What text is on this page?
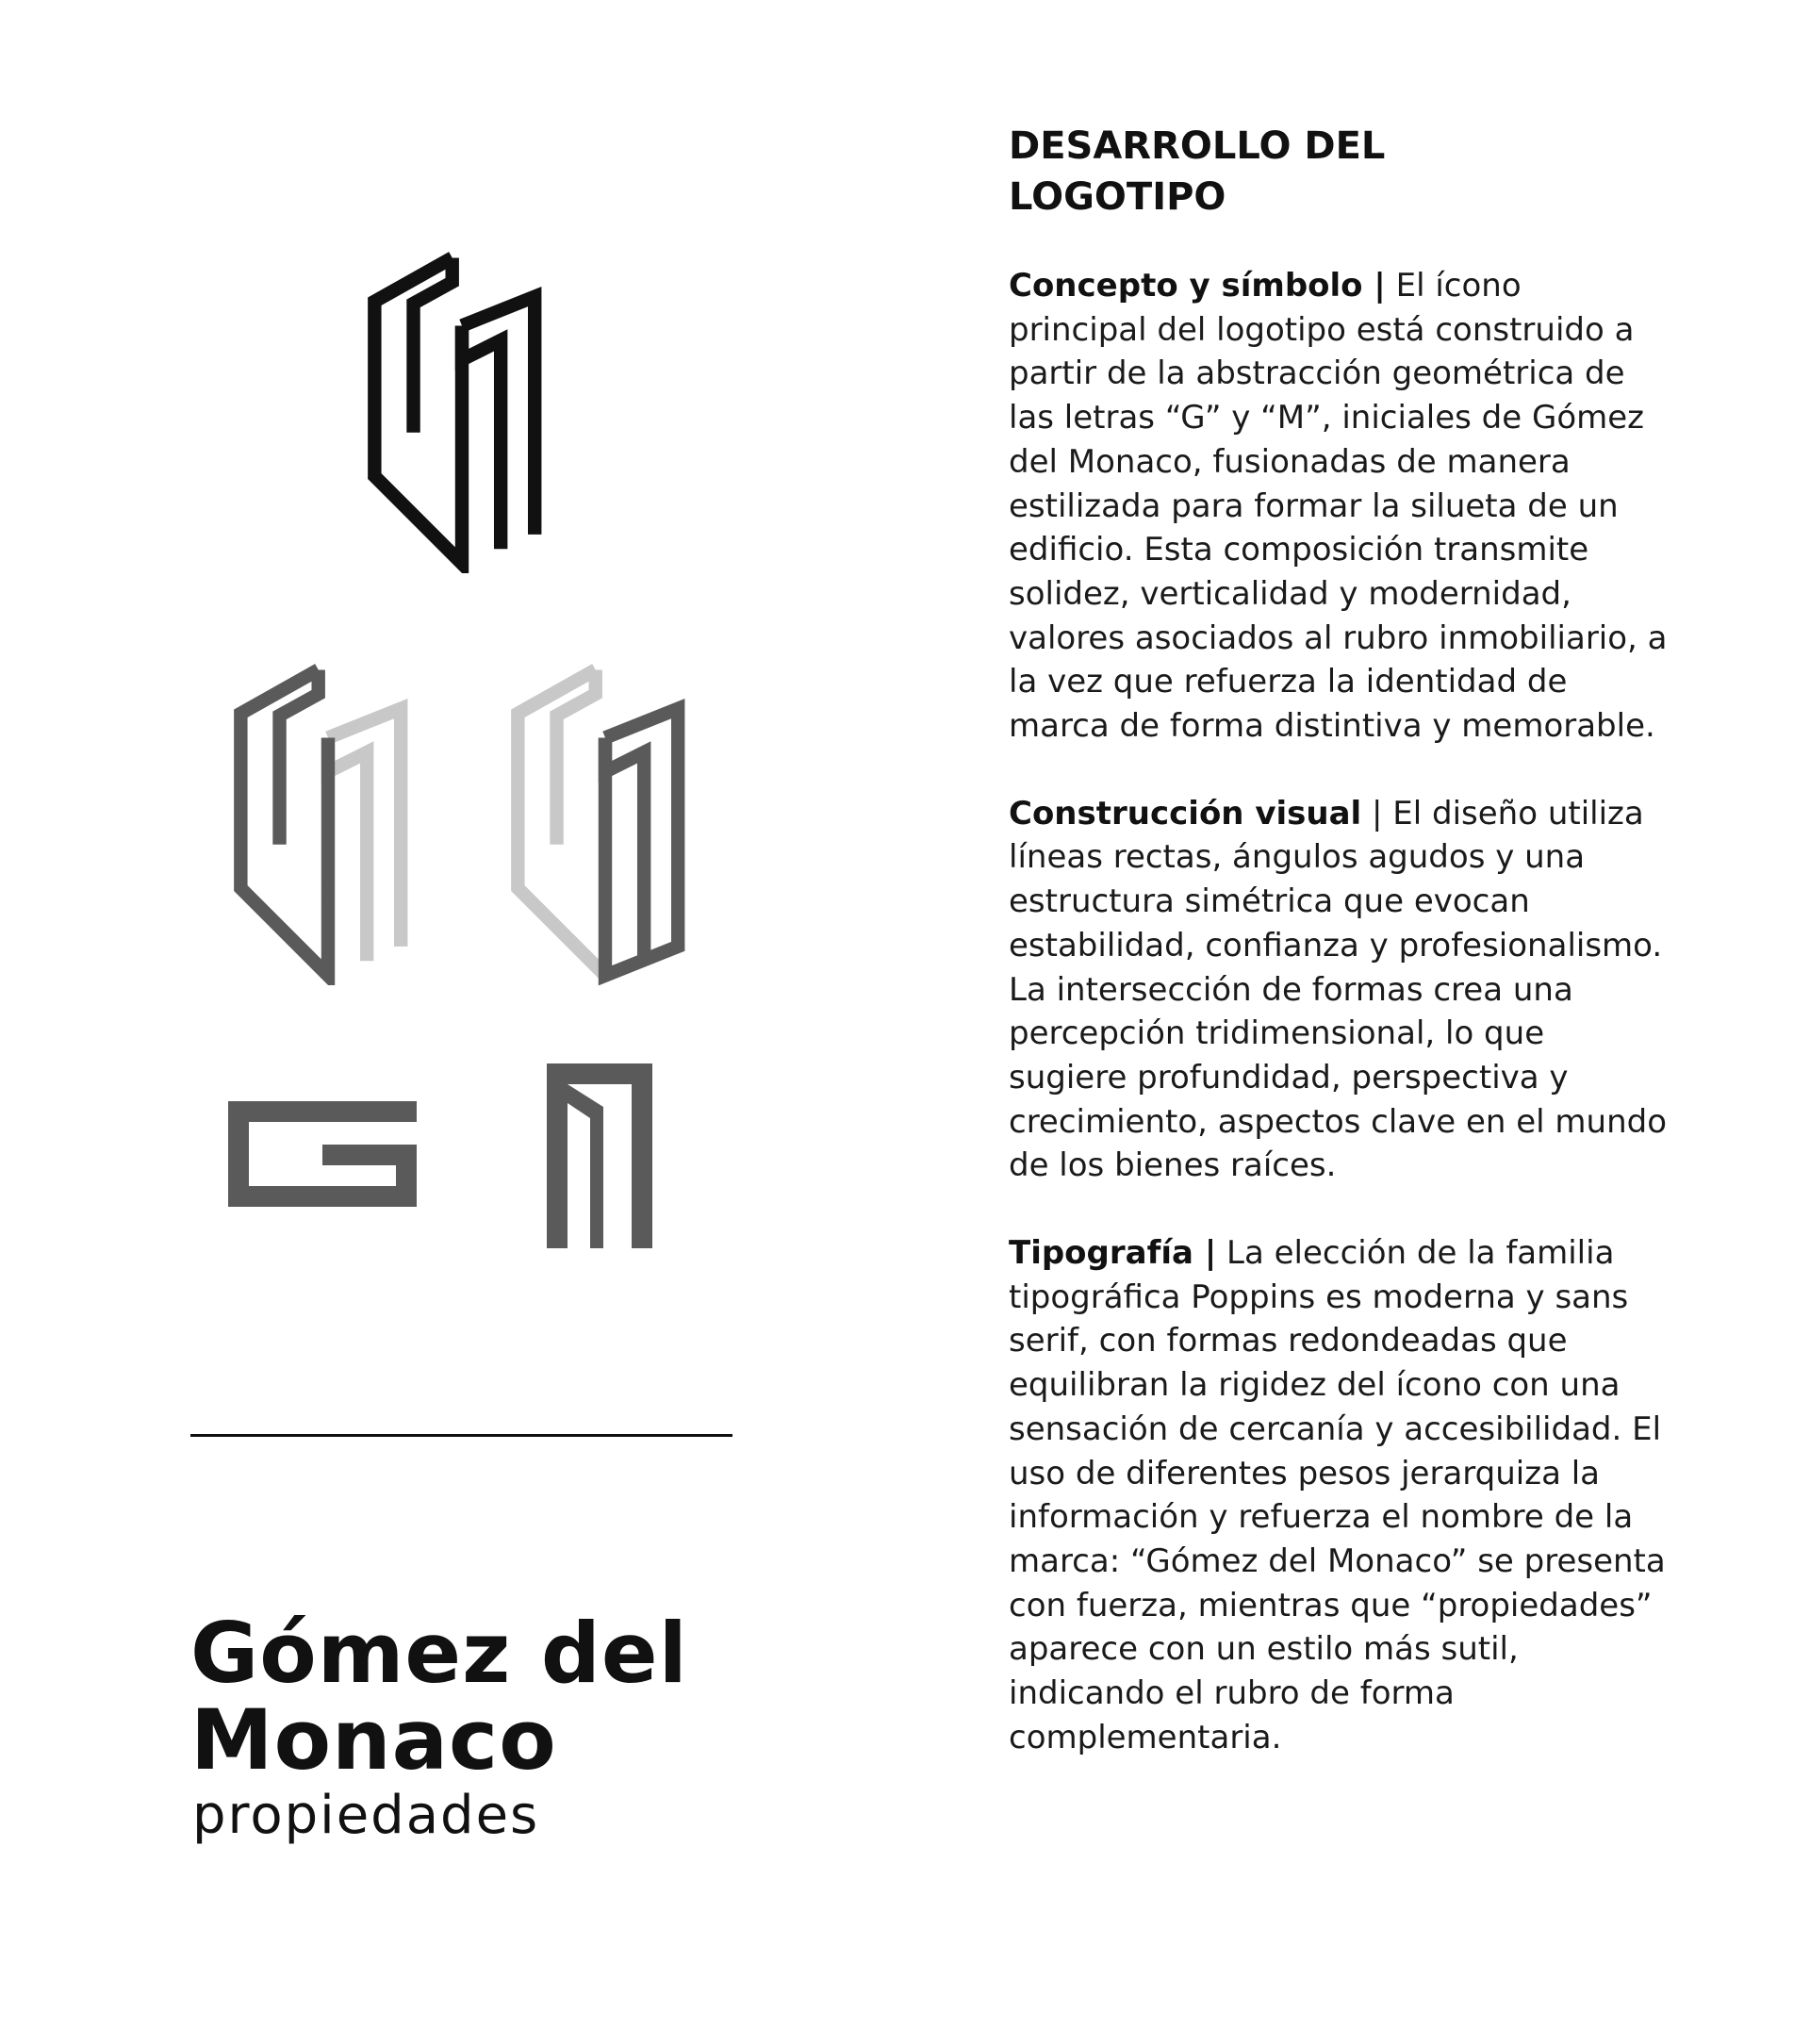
Gómez del
Monaco

propiedades

DESARROLLO DEL LOGOTIPO

Concepto y símbolo | El ícono principal del logotipo está construido a partir de la abstracción geométrica de las letras “G” y “M”, iniciales de Gómez del Monaco, fusionadas de manera estilizada para formar la silueta de un edificio. Esta composición transmite solidez, verticalidad y modernidad, valores asociados al rubro inmobiliario, a la vez que refuerza la identidad de marca de forma distintiva y memorable.

Construcción visual | El diseño utiliza líneas rectas, ángulos agudos y una estructura simétrica que evocan estabilidad, confianza y profesionalismo. La intersección de formas crea una percepción tridimensional, lo que sugiere profundidad, perspectiva y crecimiento, aspectos clave en el mundo de los bienes raíces.

Tipografía | La elección de la familia tipográfica Poppins es moderna y sans serif, con formas redondeadas que equilibran la rigidez del ícono con una sensación de cercanía y accesibilidad. El uso de diferentes pesos jerarquiza la información y refuerza el nombre de la marca: “Gómez del Monaco” se presenta con fuerza, mientras que “propiedades” aparece con un estilo más sutil, indicando el rubro de forma complementaria.
